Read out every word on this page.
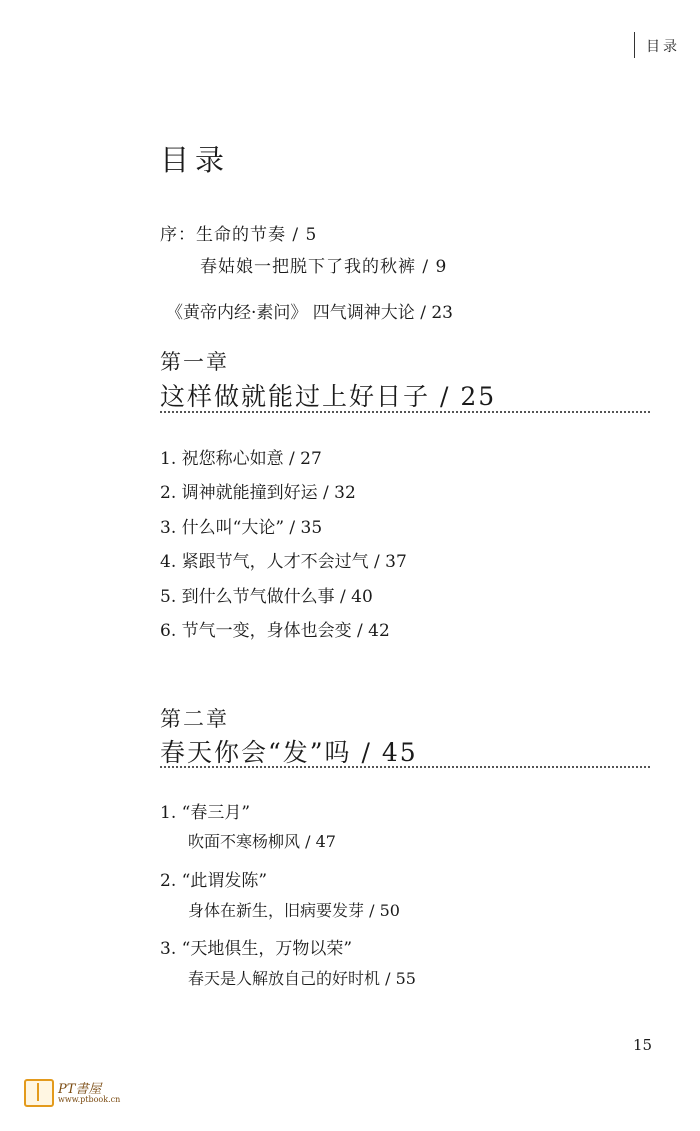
目录
目录
序：生命的节奏 / 5
春姑娘一把脱下了我的秋裤 / 9
《黄帝内经·素问》 四气调神大论 / 23
第一章
这样做就能过上好日子 / 25
1. 祝您称心如意 / 27
2. 调神就能撞到好运 / 32
3. 什么叫“大论” / 35
4. 紧跟节气，人才不会过气 / 37
5. 到什么节气做什么事 / 40
6. 节气一变，身体也会变 / 42
第二章
春天你会“发”吗 / 45
1. “春三月”
吹面不寒杨柳风 / 47
2. “此谓发陈”
身体在新生，旧病要发芽 / 50
3. “天地俱生，万物以荣”
春天是人解放自己的好时机 / 55
15
PT書屋
www.ptbook.cn
